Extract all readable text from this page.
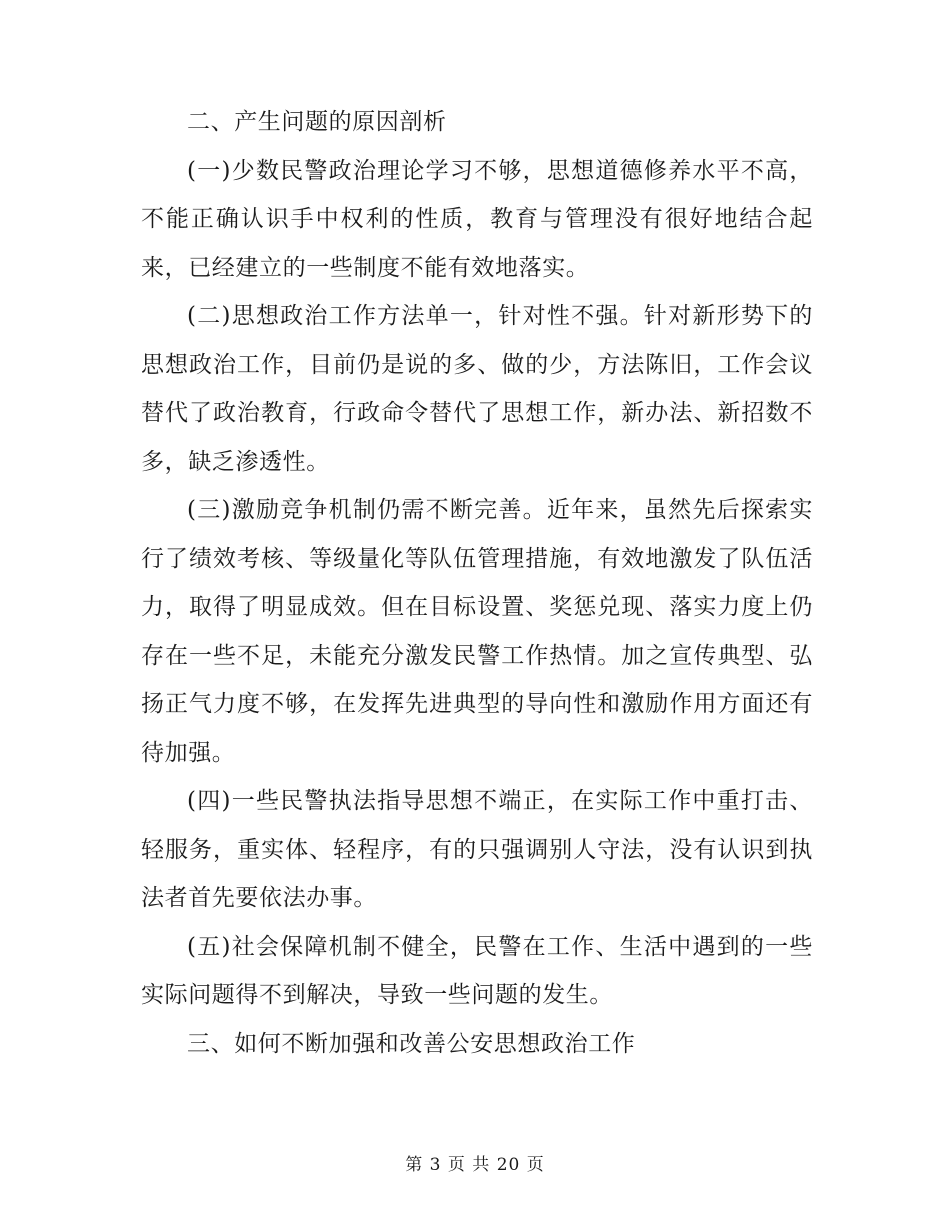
二、产生问题的原因剖析

(一)少数民警政治理论学习不够，思想道德修养水平不高，不能正确认识手中权利的性质，教育与管理没有很好地结合起来，已经建立的一些制度不能有效地落实。

(二)思想政治工作方法单一，针对性不强。针对新形势下的思想政治工作，目前仍是说的多、做的少，方法陈旧，工作会议替代了政治教育，行政命令替代了思想工作，新办法、新招数不多，缺乏渗透性。

(三)激励竞争机制仍需不断完善。近年来，虽然先后探索实行了绩效考核、等级量化等队伍管理措施，有效地激发了队伍活力，取得了明显成效。但在目标设置、奖惩兑现、落实力度上仍存在一些不足，未能充分激发民警工作热情。加之宣传典型、弘扬正气力度不够，在发挥先进典型的导向性和激励作用方面还有待加强。

(四)一些民警执法指导思想不端正，在实际工作中重打击、轻服务，重实体、轻程序，有的只强调别人守法，没有认识到执法者首先要依法办事。

(五)社会保障机制不健全，民警在工作、生活中遇到的一些实际问题得不到解决，导致一些问题的发生。

三、如何不断加强和改善公安思想政治工作

第 3 页 共 20 页
